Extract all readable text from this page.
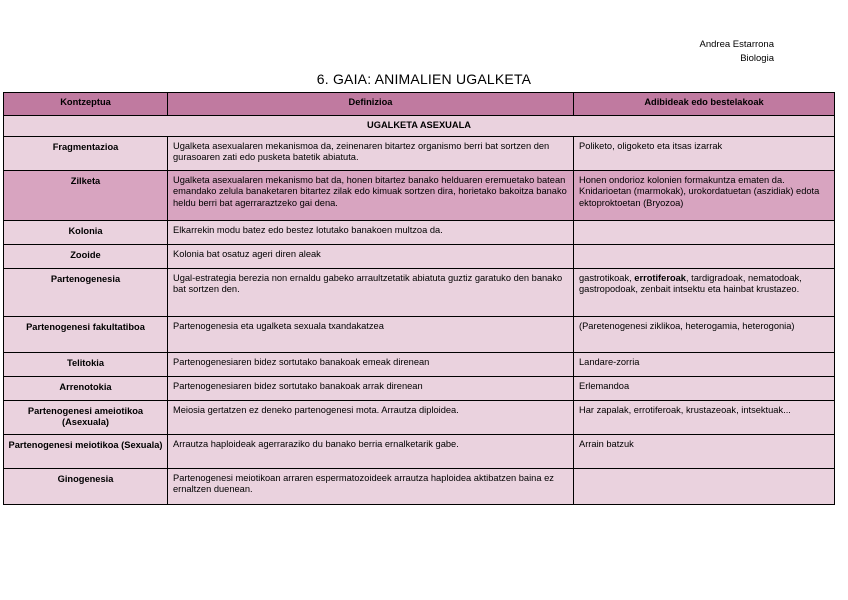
Andrea Estarrona
Biologia
6. GAIA: ANIMALIEN UGALKETA
Kontzeptua	Definizioa	Adibideak edo bestelakoak
UGALKETA ASEXUALA		
Fragmentazioa	Ugalketa asexualaren mekanismoa da, zeinenaren bitartez organismo berri bat sortzen den gurasoaren zati edo pusketa batetik abiatuta.	Poliketo, oligoketo eta itsas izarrak
Zilketa	Ugalketa asexualaren mekanismo bat da, honen bitartez banako helduaren eremuetako batean emandako zelula banaketaren bitartez zilak edo kimuak sortzen dira, horietako bakoitza banako heldu berri bat agerraraztzeko gai dena.	Honen ondorioz kolonien formakuntza ematen da. Knidarioetan (marmokak), urokordatuetan (aszidiak) edota ektoproktoetan (Bryozoa)
Kolonia	Elkarrekin modu batez edo bestez lotutako banakoen multzoa da.	
Zooide	Kolonia bat osatuz ageri diren aleak	
Partenogenesia	Ugal-estrategia berezia non ernaldu gabeko arraultzetatik abiatuta guztiz garatuko den banako bat sortzen den.	gastrotikoak, errotiferoak, tardigradoak, nematodoak, gastropodoak, zenbait intsektu eta hainbat krustazeo.
Partenogenesi fakultatiboa	Partenogenesia eta ugalketa sexuala txandakatzea	(Paretenogenesi ziklikoa, heterogamia, heterogonia)
Telitokia	Partenogenesiaren bidez sortutako banakoak emeak direnean	Landare-zorria
Arrenotokia	Partenogenesiaren bidez sortutako banakoak arrak direnean	Erlemandoa
Partenogenesi ameiotikoa (Asexuala)	Meiosia gertatzen ez deneko partenogenesi mota. Arrautza diploidea.	Har zapalak, errotiferoak, krustazeoak, intsektuak...
Partenogenesi meiotikoa (Sexuala)	Arrautza haploideak agerraraziko du banako berria ernalketarik gabe.	Arrain batzuk
Ginogenesia	Partenogenesi meiotikoan arraren espermatozoideek arrautza haploidea aktibatzen baina ez ernaltzen duenean.	
